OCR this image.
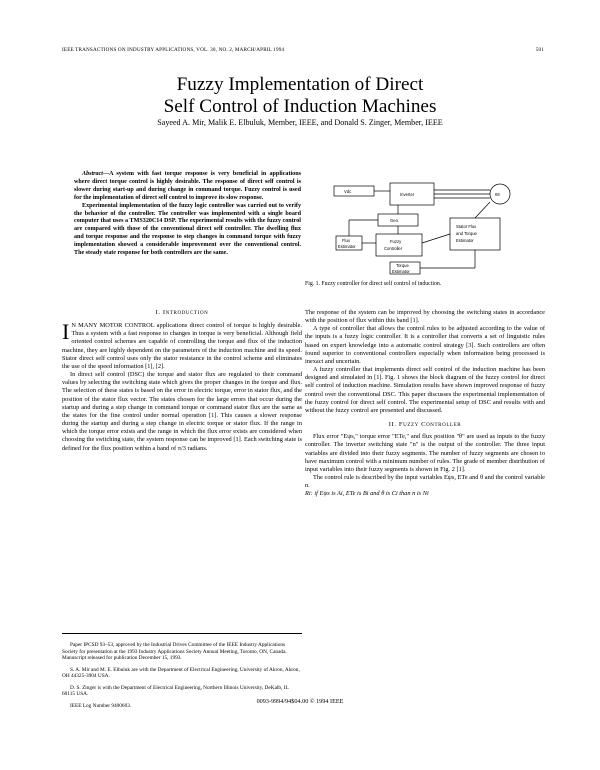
IEEE TRANSACTIONS ON INDUSTRY APPLICATIONS, VOL. 30, NO. 2, MARCH/APRIL 1994	501
Fuzzy Implementation of Direct
Self Control of Induction Machines
Sayeed A. Mir, Malik E. Elbuluk, Member, IEEE, and Donald S. Zinger, Member, IEEE

Abstract—A system with fast torque response is very beneficial in applications where direct torque control is highly desirable. The response of direct self control is slower during start-up and during change in command torque. Fuzzy control is used for the implementation of direct self control to improve its slow response.

Experimental implementation of the fuzzy logic controller was carried out to verify the behavior of the controller. The controller was implemented with a single board computer that uses a TMS320C14 DSP. The experimental results with the fuzzy control are compared with those of the conventional direct self controller. The dwelling flux and torque response and the response to step changes in command torque with fuzzy implementation showed a considerable improvement over the conventional control. The steady state response for both controllers are the same.

Vdc
Inverter	IM
Gen.
Fuzzy
Controller
Flux
Estimator
Torque
Estimator
Stator Flux
and Torque
Estimator
Fig. 1. Fuzzy controller for direct self control of induction.
I. Introduction

I N MANY MOTOR CONTROL applications direct control of torque is highly desirable. Thus a system with a fast response to changes in torque is very beneficial. Although field oriented control schemes are capable of controlling the torque and flux of the induction machine, they are highly dependent on the parameters of the induction machine and its speed. Stator direct self control uses only the stator resistance in the control scheme and eliminates the use of the speed information [1], [2].

In direct self control (DSC) the torque and stator flux are regulated to their command values by selecting the switching state which gives the proper changes in the torque and flux. The selection of these states is based on the error in electric torque, error in stator flux, and the position of the stator flux vector. The states chosen for the large errors that occur during the startup and during a step change in command torque or command stator flux are the same as the states for the fine control under normal operation [1]. This causes a slower response during the startup and during a step change in electric torque or stator flux. If the range in which the torque error exists and the range in which the flux error exists are considered when choosing the switching state, the system response can be improved [1]. Each switching state is defined for the flux position within a band of π/3 radians.

The response of the system can be improved by choosing the switching states in accordance with the position of flux within this band [1].

A type of controller that allows the control rules to be adjusted according to the value of the inputs is a fuzzy logic controller. It is a controller that converts a set of linguistic rules based on expert knowledge into a automatic control strategy [3]. Such controllers are often found superior to conventional controllers especially when information being processed is inexact and uncertain.

A fuzzy controller that implements direct self control of the induction machine has been designed and simulated in [1]. Fig. 1 shows the block diagram of the fuzzy control for direct self control of induction machine. Simulation results have shown improved response of fuzzy control over the conventional DSC. This paper discusses the experimental implementation of the fuzzy control for direct self control. The experimental setup of DSC and results with and without the fuzzy control are presented and discussed.

II. Fuzzy Controller

Flux error "Eψs," torque error "ETe," and flux position "θ" are used as inputs to the fuzzy controller. The inverter switching state "n" is the output of the controller. The three input variables are divided into their fuzzy segments. The number of fuzzy segments are chosen to have maximum control with a minimum number of rules. The grade of member distribution of input variables into their fuzzy segments is shown in Fig. 2 [1].

The control rule is described by the input variables Eψs, ETe and θ and the control variable n.

Ri: if Eψs is Ai, ETe is Bi and θ is Ci than n is Ni

Paper IPCSD 93–53, approved by the Industrial Drives Committee of the IEEE Industry Applications Society for presentation at the 1993 Industry Applications Society Annual Meeting, Toronto, ON, Canada. Manuscript released for publication December 15, 1993.

S. A. Mir and M. E. Elbuluk are with the Department of Electrical Engineering, University of Akron, Akron, OH 44325-3904 USA.

D. S. Zinger is with the Department of Electrical Engineering, Northern Illinois University, DeKalb, IL 60115 USA.

IEEE Log Number 9400603.

0093-9994/94$04.00 © 1994 IEEE
